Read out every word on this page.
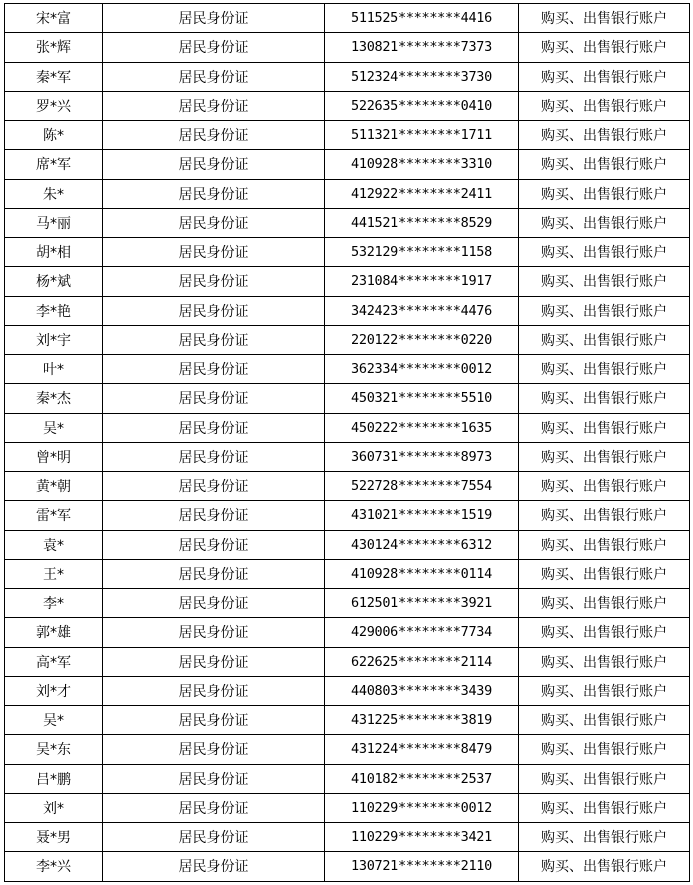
宋*富	居民身份证	511525********4416	购买、出售银行账户
张*辉	居民身份证	130821********7373	购买、出售银行账户
秦*军	居民身份证	512324********3730	购买、出售银行账户
罗*兴	居民身份证	522635********0410	购买、出售银行账户
陈*	居民身份证	511321********1711	购买、出售银行账户
席*军	居民身份证	410928********3310	购买、出售银行账户
朱*	居民身份证	412922********2411	购买、出售银行账户
马*丽	居民身份证	441521********8529	购买、出售银行账户
胡*相	居民身份证	532129********1158	购买、出售银行账户
杨*斌	居民身份证	231084********1917	购买、出售银行账户
李*艳	居民身份证	342423********4476	购买、出售银行账户
刘*宇	居民身份证	220122********0220	购买、出售银行账户
叶*	居民身份证	362334********0012	购买、出售银行账户
秦*杰	居民身份证	450321********5510	购买、出售银行账户
吴*	居民身份证	450222********1635	购买、出售银行账户
曾*明	居民身份证	360731********8973	购买、出售银行账户
黄*朝	居民身份证	522728********7554	购买、出售银行账户
雷*军	居民身份证	431021********1519	购买、出售银行账户
袁*	居民身份证	430124********6312	购买、出售银行账户
王*	居民身份证	410928********0114	购买、出售银行账户
李*	居民身份证	612501********3921	购买、出售银行账户
郭*雄	居民身份证	429006********7734	购买、出售银行账户
高*军	居民身份证	622625********2114	购买、出售银行账户
刘*才	居民身份证	440803********3439	购买、出售银行账户
吴*	居民身份证	431225********3819	购买、出售银行账户
吴*东	居民身份证	431224********8479	购买、出售银行账户
吕*鹏	居民身份证	410182********2537	购买、出售银行账户
刘*	居民身份证	110229********0012	购买、出售银行账户
聂*男	居民身份证	110229********3421	购买、出售银行账户
李*兴	居民身份证	130721********2110	购买、出售银行账户
